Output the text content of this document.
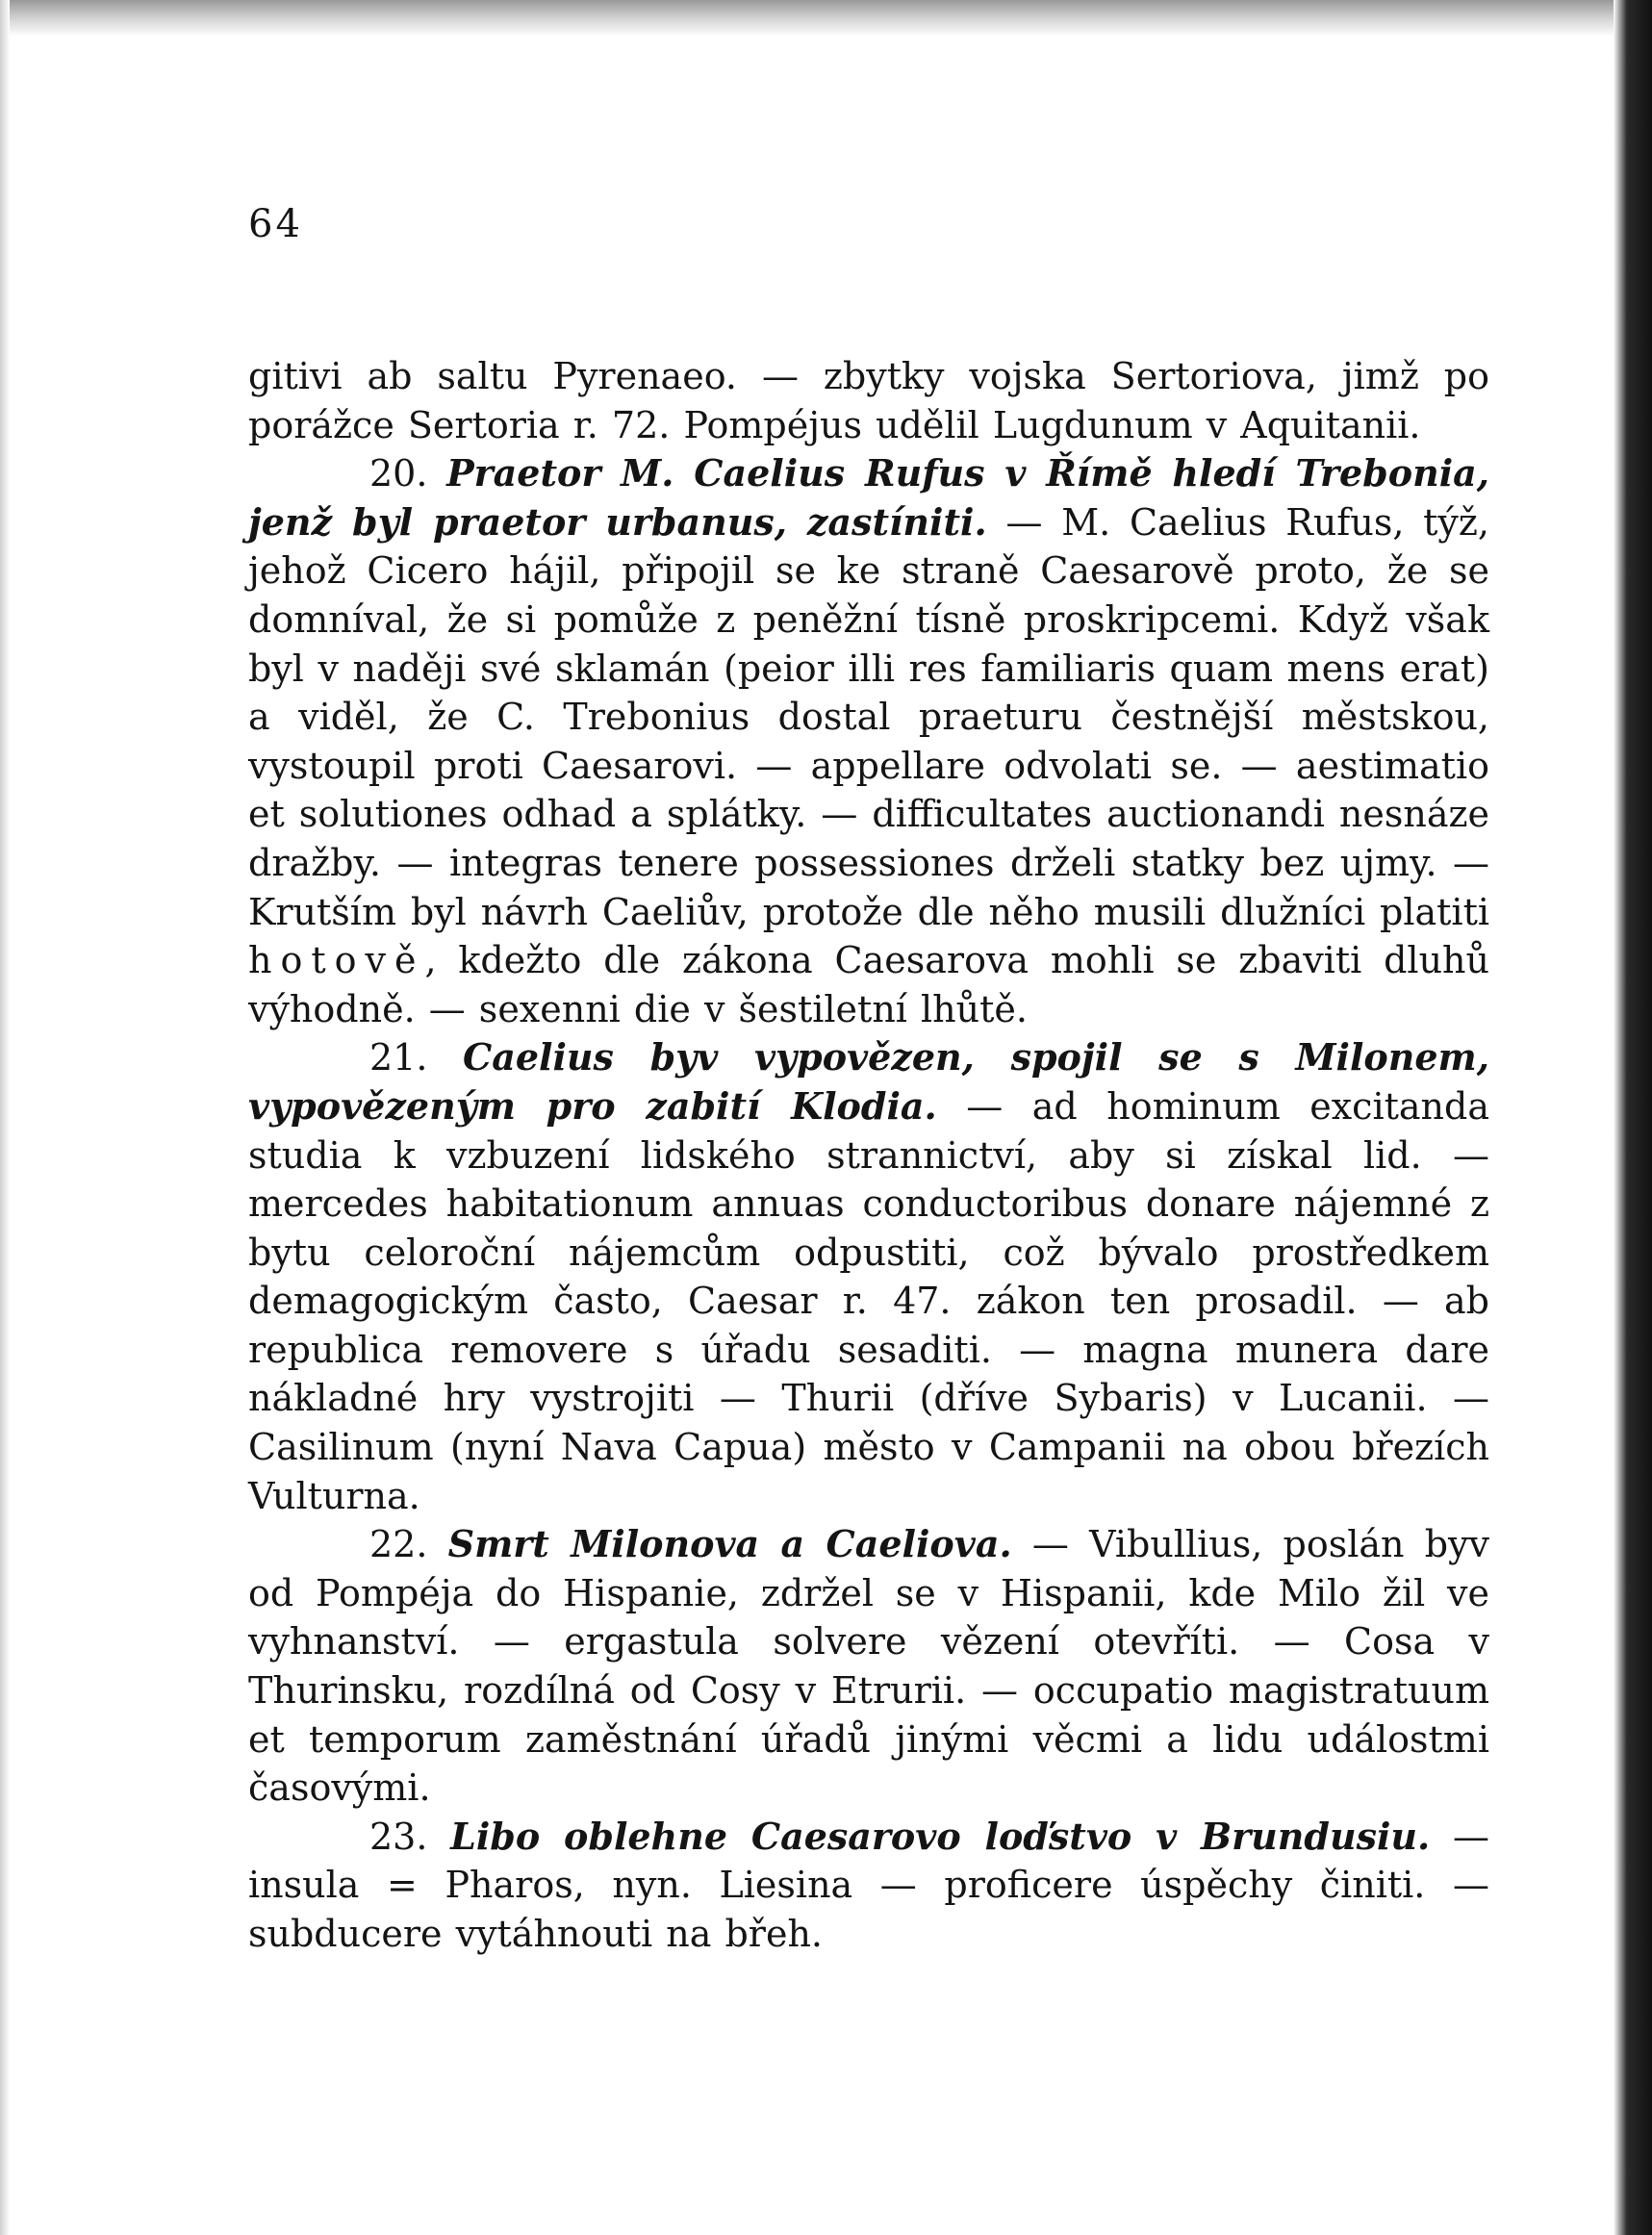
64

gitivi ab saltu Pyrenaeo. — zbytky vojska Sertoriova, jimž po porážce Sertoria r. 72. Pompéjus udělil Lugdunum v Aquitanii.

20. Praetor M. Caelius Rufus v Římě hledí Trebonia, jenž byl praetor urbanus, zastíniti. — M. Caelius Rufus, týž, jehož Cicero hájil, připojil se ke straně Caesarově proto, že se domníval, že si pomůže z peněžní tísně proskripcemi. Když však byl v naději své sklamán (peior illi res familiaris quam mens erat) a viděl, že C. Trebonius dostal praeturu čestnější městskou, vystoupil proti Caesarovi. — appellare odvolati se. — aestimatio et solutiones odhad a splátky. — difficultates auctionandi nesnáze dražby. — integras tenere possessiones drželi statky bez ujmy. — Krutším byl návrh Caeliův, protože dle něho musili dlužníci platiti hotově, kdežto dle zákona Caesarova mohli se zbaviti dluhů výhodně. — sexenni die v šestiletní lhůtě.

21. Caelius byv vypovězen, spojil se s Milonem, vypovězeným pro zabití Klodia. — ad hominum excitanda studia k vzbuzení lidského strannictví, aby si získal lid. — mercedes habitationum annuas conductoribus donare nájemné z bytu celoroční nájemcům odpustiti, což bývalo prostředkem demagogickým často, Caesar r. 47. zákon ten prosadil. — ab republica removere s úřadu sesaditi. — magna munera dare nákladné hry vystrojiti — Thurii (dříve Sybaris) v Lucanii. — Casilinum (nyní Nava Capua) město v Campanii na obou březích Vulturna.

22. Smrt Milonova a Caeliova. — Vibullius, poslán byv od Pompéja do Hispanie, zdržel se v Hispanii, kde Milo žil ve vyhnanství. — ergastula solvere vězení otevříti. — Cosa v Thurinsku, rozdílná od Cosy v Etrurii. — occupatio magistratuum et temporum zaměstnání úřadů jinými věcmi a lidu událostmi časovými.

23. Libo oblehne Caesarovo loďstvo v Brundusiu. — insula = Pharos, nyn. Liesina — proficere úspěchy činiti. — subducere vytáhnouti na břeh.
